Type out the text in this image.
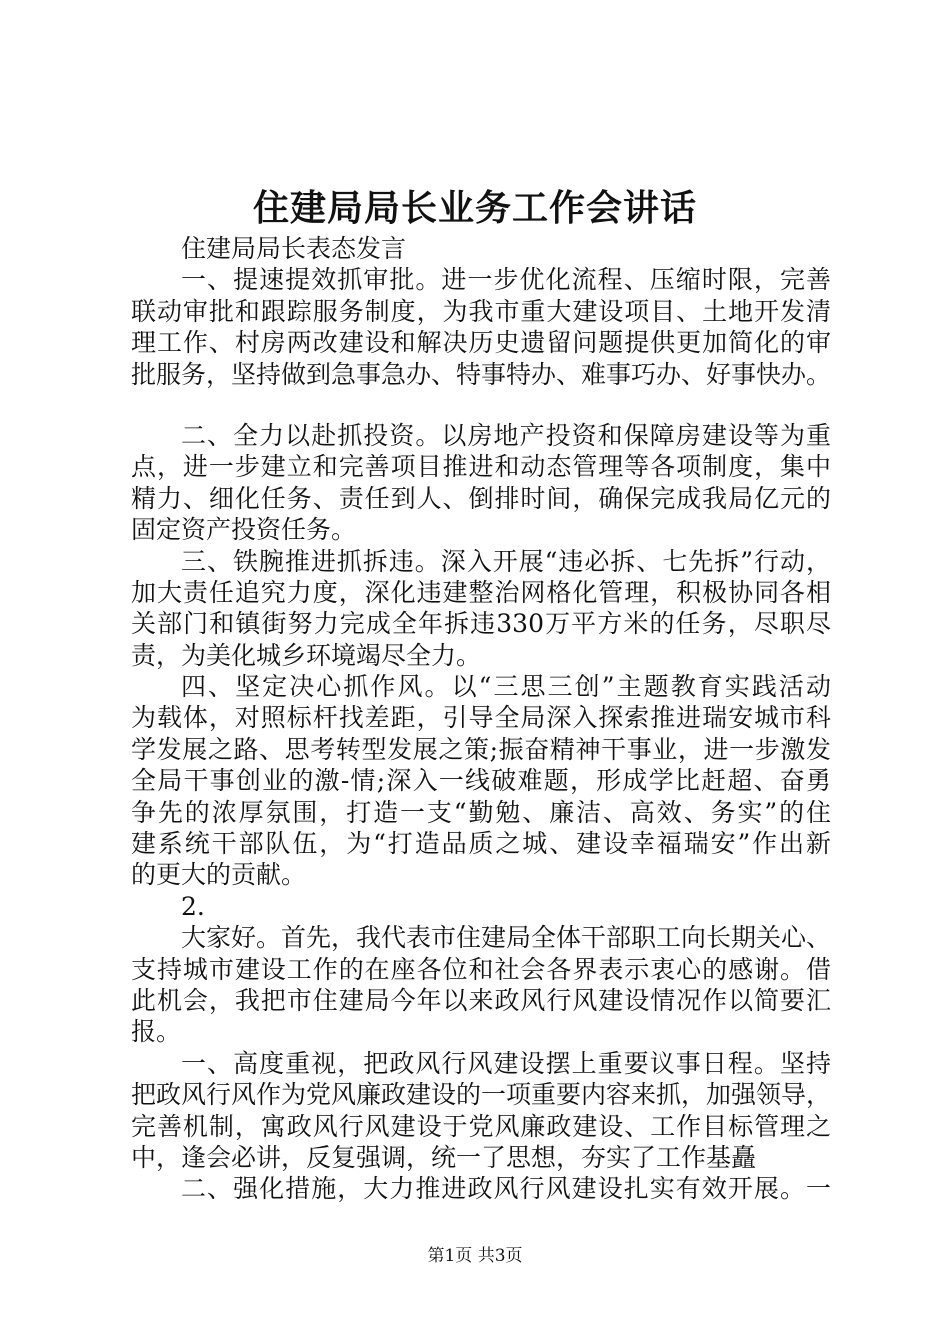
住建局局长业务工作会讲话
住建局局长表态发言
一、提速提效抓审批。进一步优化流程、压缩时限，完善
联动审批和跟踪服务制度，为我市重大建设项目、土地开发清
理工作、村房两改建设和解决历史遗留问题提供更加简化的审
批服务，坚持做到急事急办、特事特办、难事巧办、好事快办。
二、全力以赴抓投资。以房地产投资和保障房建设等为重
点，进一步建立和完善项目推进和动态管理等各项制度，集中
精力、细化任务、责任到人、倒排时间，确保完成我局亿元的
固定资产投资任务。
三、铁腕推进抓拆违。深入开展“违必拆、七先拆”行动，
加大责任追究力度，深化违建整治网格化管理，积极协同各相
关部门和镇街努力完成全年拆违330万平方米的任务，尽职尽
责，为美化城乡环境竭尽全力。
四、坚定决心抓作风。以“三思三创”主题教育实践活动
为载体，对照标杆找差距，引导全局深入探索推进瑞安城市科
学发展之路、思考转型发展之策;振奋精神干事业，进一步激发
全局干事创业的激-情;深入一线破难题，形成学比赶超、奋勇
争先的浓厚氛围，打造一支“勤勉、廉洁、高效、务实”的住
建系统干部队伍，为“打造品质之城、建设幸福瑞安”作出新
的更大的贡献。
2.
大家好。首先，我代表市住建局全体干部职工向长期关心、
支持城市建设工作的在座各位和社会各界表示衷心的感谢。借
此机会，我把市住建局今年以来政风行风建设情况作以简要汇
报。
一、高度重视，把政风行风建设摆上重要议事日程。坚持
把政风行风作为党风廉政建设的一项重要内容来抓，加强领导，
完善机制，寓政风行风建设于党风廉政建设、工作目标管理之
中，逢会必讲，反复强调，统一了思想，夯实了工作基矗
二、强化措施，大力推进政风行风建设扎实有效开展。一
第1页 共3页
